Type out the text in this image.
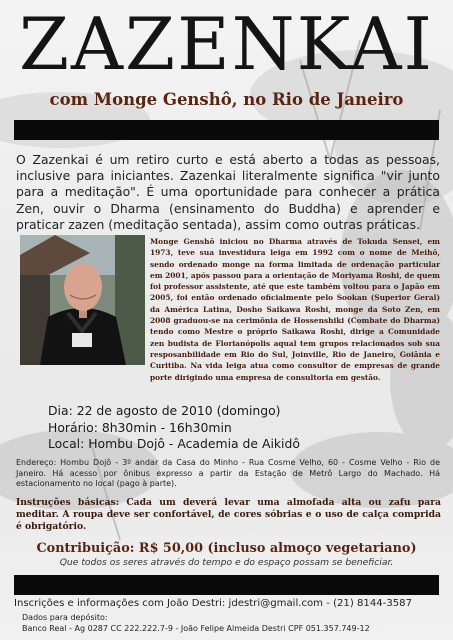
ZAZENKAI
com Monge Genshô, no Rio de Janeiro

O Zazenkai é um retiro curto e está aberto a todas as pessoas, inclusive para iniciantes. Zazenkai literalmente significa "vir junto para a meditação". É uma oportunidade para conhecer a prática Zen, ouvir o Dharma (ensinamento do Buddha) e aprender e praticar zazen (meditação sentada), assim como outras práticas.

Monge Genshô iniciou no Dharma através de Tokuda Sensei, em 1973, teve sua investidura leiga em 1992 com o nome de Meihô, sendo ordenado monge na forma limitada de ordenação particular em 2001, após passou para a orientação de Moriyama Roshi, de quem foi professor assistente, até que este também voltou para o Japão em 2005, foi então ordenado oficialmente pelo Sookan (Superior Geral) da América Latina, Dosho Saikawa Roshi, monge da Soto Zen, em 2008 graduou-se na cerimônia de Hossenshiki (Combate do Dharma) tendo como Mestre o próprio Saikawa Roshi, dirige a Comunidade zen budista de Florianópolis aqual tem grupos relacionados sob sua resposanbilidade em Rio do Sul, Joinville, Rio de Janeiro, Goiânia e Curitiba. Na vida leiga atua como consultor de empresas de grande porte dirigindo uma empresa de consultoria em gestão.

Dia: 22 de agosto de 2010 (domingo)
Horário: 8h30min - 16h30min
Local: Hombu Dojô - Academia de Aikidô

Endereço: Hombu Dojô - 3º andar da Casa do Minho - Rua Cosme Velho, 60 - Cosme Velho - Rio de Janeiro. Há acesso por ônibus expresso a partir da Estação de Metrô Largo do Machado. Há estacionamento no local (pago à parte).

Instruções básicas: Cada um deverá levar uma almofada alta ou zafu para meditar. A roupa deve ser confortável, de cores sóbrias e o uso de calça comprida é obrigatório.

Contribuição: R$ 50,00 (incluso almoço vegetariano)
Que todos os seres através do tempo e do espaço possam se beneficiar.
Inscrições e informações com João Destri: jdestri@gmail.com - (21) 8144-3587
Dados para depósito:
Banco Real - Ag 0287 CC 222.222.7-9 - João Felipe Almeida Destri CPF 051.357.749-12
